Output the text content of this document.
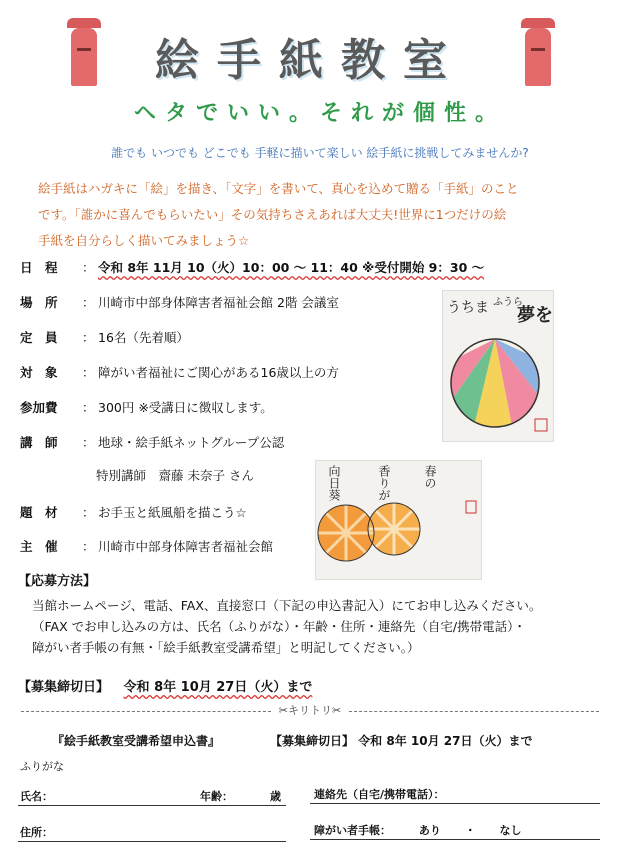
絵手紙教室
ヘタでいい。それが個性。
誰でも いつでも どこでも 手軽に描いて楽しい 絵手紙に挑戦してみませんか?
絵手紙はハガキに「絵」を描き、「文字」を書いて、真心を込めて贈る「手紙」のこと
です。「誰かに喜んでもらいたい」その気持ちさえあれば大丈夫!世界に1つだけの絵
手紙を自分らしく描いてみましょう☆
日　程 ： 令和 8年 11月 10（火）10：00 ～ 11：40 ※受付開始 9：30 ～
場　所 ： 川崎市中部身体障害者福祉会館 2階 会議室
定　員 ： 16名（先着順）
対　象 ： 障がい者福祉にご関心がある16歳以上の方
参加費 ： 300円 ※受講日に徴収します。
講　師 ： 地球・絵手紙ネットグループ公認
特別講師　齋藤 未奈子 さん
題　材 ： お手玉と紙風船を描こう☆
主　催 ： 川崎市中部身体障害者福祉会館
うちま ふうら
夢を
春の
香りが
向日葵
【応募方法】
当館ホームページ、電話、FAX、直接窓口（下記の申込書記入）にてお申し込みください。
（FAX でお申し込みの方は、氏名（ふりがな）・年齢・住所・連絡先（自宅/携帯電話）・
障がい者手帳の有無・「絵手紙教室受講希望」と明記してください。）
【募集締切日】 令和 8年 10月 27日（火）まで
✂キリトリ✂
『絵手紙教室受講希望申込書』	【募集締切日】 令和 8年 10月 27日（火）まで
ふりがな
氏名：	年齢：	歳	連絡先（自宅/携帯電話）：
住所：	障がい者手帳：	あり ・ なし
